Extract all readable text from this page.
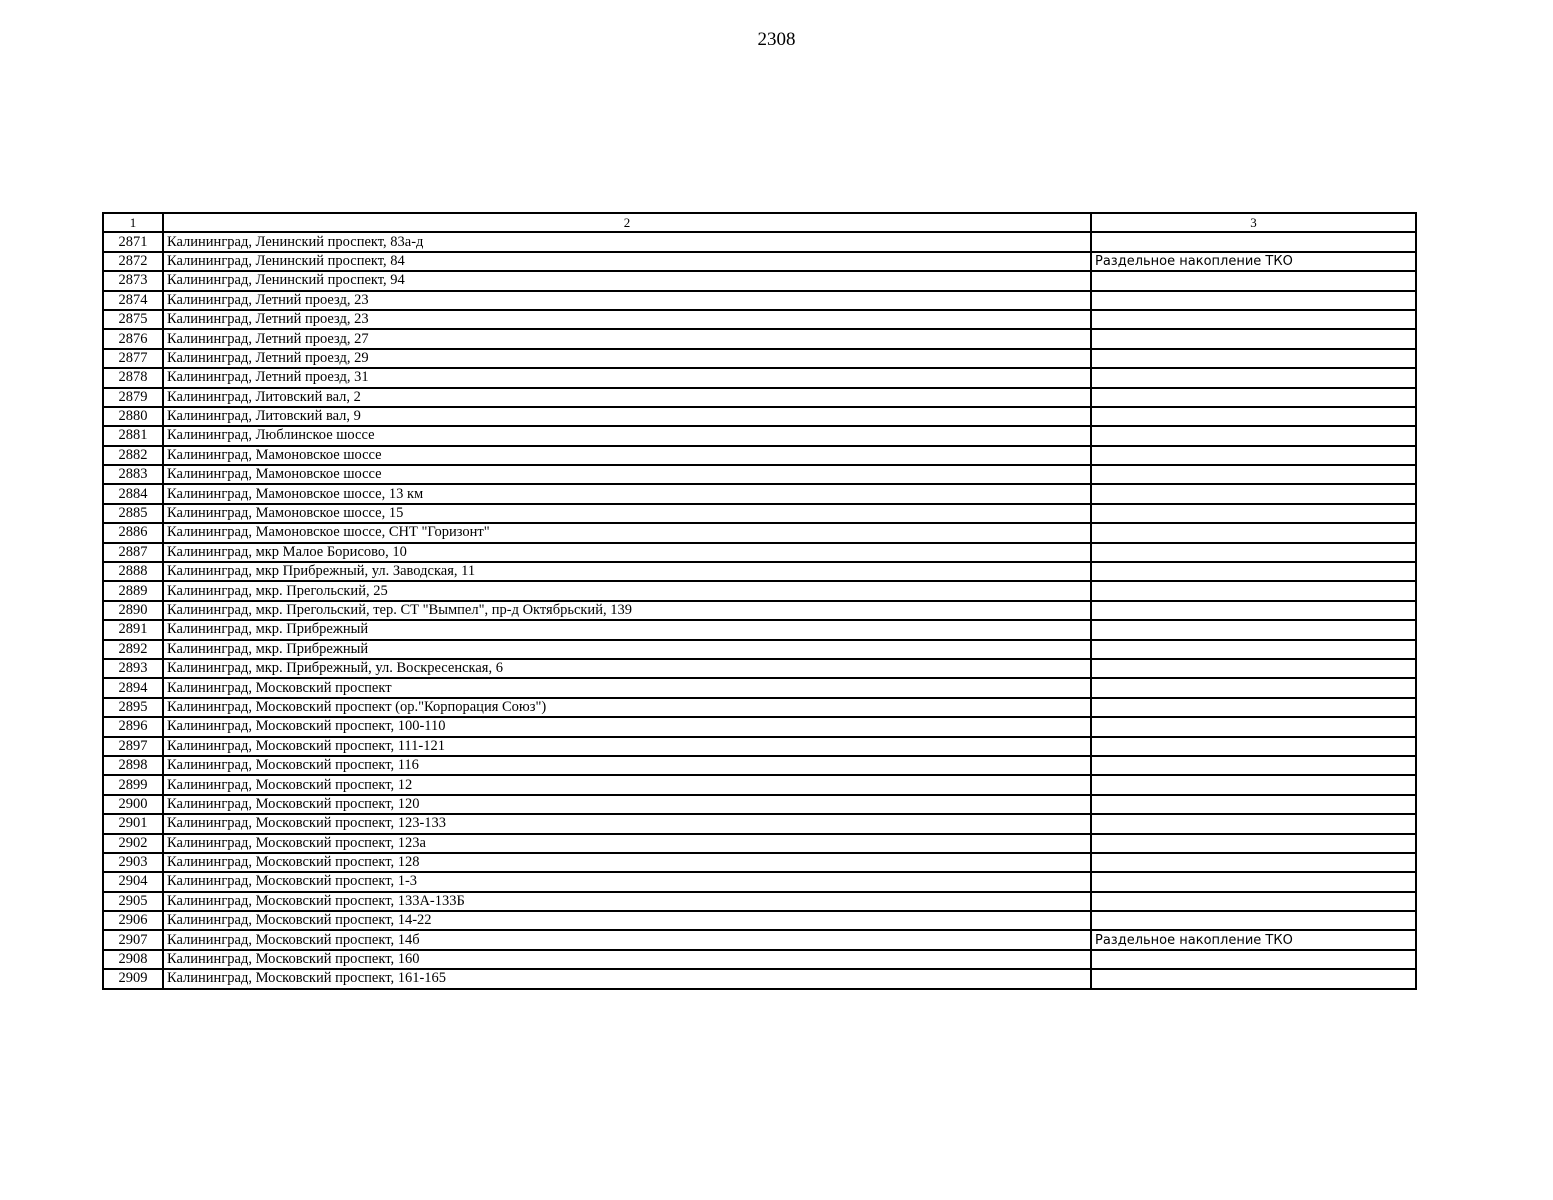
2308
1	2	3
2871	Калининград, Ленинский проспект, 83а-д	
2872	Калининград, Ленинский проспект, 84	Раздельное накопление ТКО
2873	Калининград, Ленинский проспект, 94	
2874	Калининград, Летний проезд, 23	
2875	Калининград, Летний проезд, 23	
2876	Калининград, Летний проезд, 27	
2877	Калининград, Летний проезд, 29	
2878	Калининград, Летний проезд, 31	
2879	Калининград, Литовский вал, 2	
2880	Калининград, Литовский вал, 9	
2881	Калининград, Люблинское шоссе	
2882	Калининград, Мамоновское шоссе	
2883	Калининград, Мамоновское шоссе	
2884	Калининград, Мамоновское шоссе, 13 км	
2885	Калининград, Мамоновское шоссе, 15	
2886	Калининград, Мамоновское шоссе, СНТ "Горизонт"	
2887	Калининград, мкр Малое Борисово, 10	
2888	Калининград, мкр Прибрежный, ул. Заводская, 11	
2889	Калининград, мкр. Прегольский, 25	
2890	Калининград, мкр. Прегольский, тер. СТ "Вымпел", пр-д Октябрьский, 139	
2891	Калининград, мкр. Прибрежный	
2892	Калининград, мкр. Прибрежный	
2893	Калининград, мкр. Прибрежный, ул. Воскресенская, 6	
2894	Калининград, Московский проспект	
2895	Калининград, Московский проспект (ор."Корпорация Союз")	
2896	Калининград, Московский проспект, 100-110	
2897	Калининград, Московский проспект, 111-121	
2898	Калининград, Московский проспект, 116	
2899	Калининград, Московский проспект, 12	
2900	Калининград, Московский проспект, 120	
2901	Калининград, Московский проспект, 123-133	
2902	Калининград, Московский проспект, 123а	
2903	Калининград, Московский проспект, 128	
2904	Калининград, Московский проспект, 1-3	
2905	Калининград, Московский проспект, 133А-133Б	
2906	Калининград, Московский проспект, 14-22	
2907	Калининград, Московский проспект, 14б	Раздельное накопление ТКО
2908	Калининград, Московский проспект, 160	
2909	Калининград, Московский проспект, 161-165	
